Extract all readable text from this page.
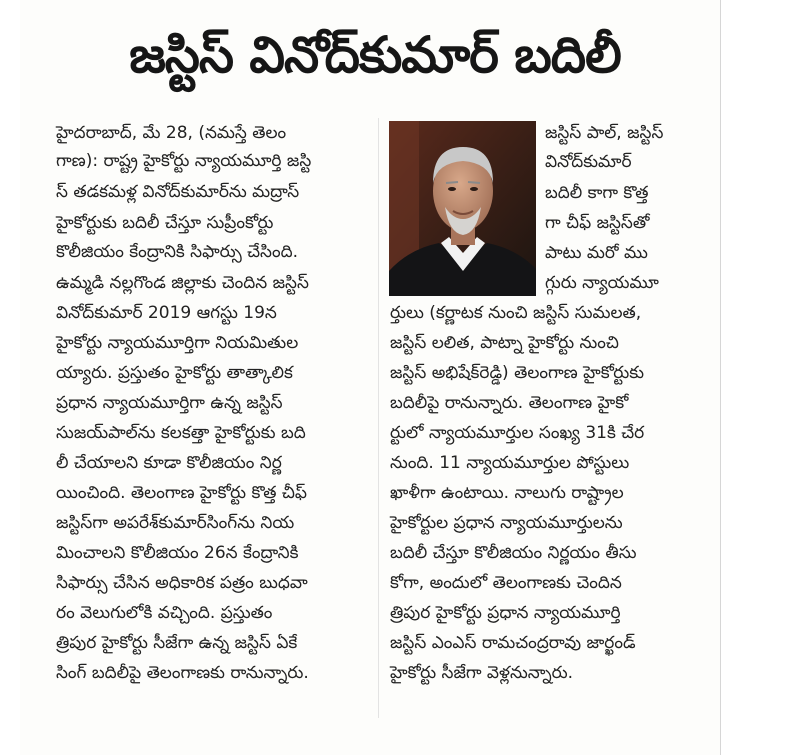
జస్టిస్ వినోద్‌కుమార్ బదిలీ
హైదరాబాద్, మే 28, (నమస్తే తెలం
గాణ): రాష్ట్ర హైకోర్టు న్యాయమూర్తి జస్టి
స్ తడకమళ్ల వినోద్‌కుమార్‌ను మద్రాస్
హైకోర్టుకు బదిలీ చేస్తూ సుప్రీంకోర్టు
కొలీజియం కేంద్రానికి సిఫార్సు చేసింది.
ఉమ్మడి నల్లగొండ జిల్లాకు చెందిన జస్టిస్
వినోద్‌కుమార్ 2019 ఆగస్టు 19న
హైకోర్టు న్యాయమూర్తిగా నియమితుల
య్యారు. ప్రస్తుతం హైకోర్టు తాత్కాలిక
ప్రధాన న్యాయమూర్తిగా ఉన్న జస్టిస్
సుజయ్‌పాల్‌ను కలకత్తా హైకోర్టుకు బది
లీ చేయాలని కూడా కొలీజియం నిర్ణ
యించింది. తెలంగాణ హైకోర్టు కొత్త చీఫ్
జస్టిస్‌గా అపరేశ్‌కుమార్‌సింగ్‌ను నియ
మించాలని కొలీజియం 26న కేంద్రానికి
సిఫార్సు చేసిన అధికారిక పత్రం బుధవా
రం వెలుగులోకి వచ్చింది. ప్రస్తుతం
త్రిపుర హైకోర్టు సీజేగా ఉన్న జస్టిస్ ఏకే
సింగ్ బదిలీపై తెలంగాణకు రానున్నారు.
జస్టిస్ పాల్, జస్టిస్
వినోద్‌కుమార్
బదిలీ కాగా కొత్త
గా చీఫ్ జస్టిస్‌తో
పాటు మరో ము
గ్గురు న్యాయమూ
ర్తులు (కర్ణాటక నుంచి జస్టిస్ సుమలత,
జస్టిస్ లలిత, పాట్నా హైకోర్టు నుంచి
జస్టిస్ అభిషేక్‌రెడ్డి) తెలంగాణ హైకోర్టుకు
బదిలీపై రానున్నారు. తెలంగాణ హైకో
ర్టులో న్యాయమూర్తుల సంఖ్య 31కి చేర
నుంది. 11 న్యాయమూర్తుల పోస్టులు
ఖాళీగా ఉంటాయి. నాలుగు రాష్ట్రాల
హైకోర్టుల ప్రధాన న్యాయమూర్తులను
బదిలీ చేస్తూ కొలీజియం నిర్ణయం తీసు
కోగా, అందులో తెలంగాణకు చెందిన
త్రిపుర హైకోర్టు ప్రధాన న్యాయమూర్తి
జస్టిస్ ఎంఎస్ రామచంద్రరావు జార్ఖండ్
హైకోర్టు సీజేగా వెళ్లనున్నారు.
